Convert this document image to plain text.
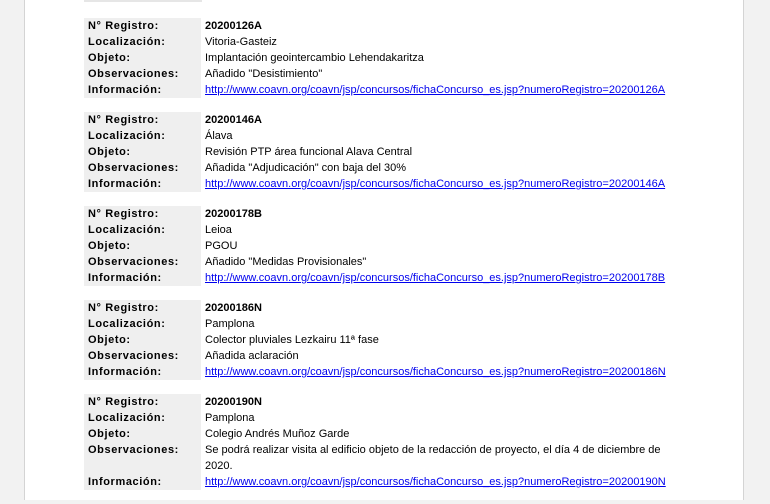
N° Registro:	20200126A
Localización:	Vitoria-Gasteiz
Objeto:	Implantación geointercambio Lehendakaritza
Observaciones:	Añadido "Desistimiento"
Información:	http://www.coavn.org/coavn/jsp/concursos/fichaConcurso_es.jsp?numeroRegistro=20200126A
N° Registro:	20200146A
Localización:	Álava
Objeto:	Revisión PTP área funcional Alava Central
Observaciones:	Añadida "Adjudicación" con baja del 30%
Información:	http://www.coavn.org/coavn/jsp/concursos/fichaConcurso_es.jsp?numeroRegistro=20200146A
N° Registro:	20200178B
Localización:	Leioa
Objeto:	PGOU
Observaciones:	Añadido "Medidas Provisionales"
Información:	http://www.coavn.org/coavn/jsp/concursos/fichaConcurso_es.jsp?numeroRegistro=20200178B
N° Registro:	20200186N
Localización:	Pamplona
Objeto:	Colector pluviales Lezkairu 11ª fase
Observaciones:	Añadida aclaración
Información:	http://www.coavn.org/coavn/jsp/concursos/fichaConcurso_es.jsp?numeroRegistro=20200186N
N° Registro:	20200190N
Localización:	Pamplona
Objeto:	Colegio Andrés Muñoz Garde
Observaciones:	Se podrá realizar visita al edificio objeto de la redacción de proyecto, el día 4 de diciembre de 2020.
Información:	http://www.coavn.org/coavn/jsp/concursos/fichaConcurso_es.jsp?numeroRegistro=20200190N
